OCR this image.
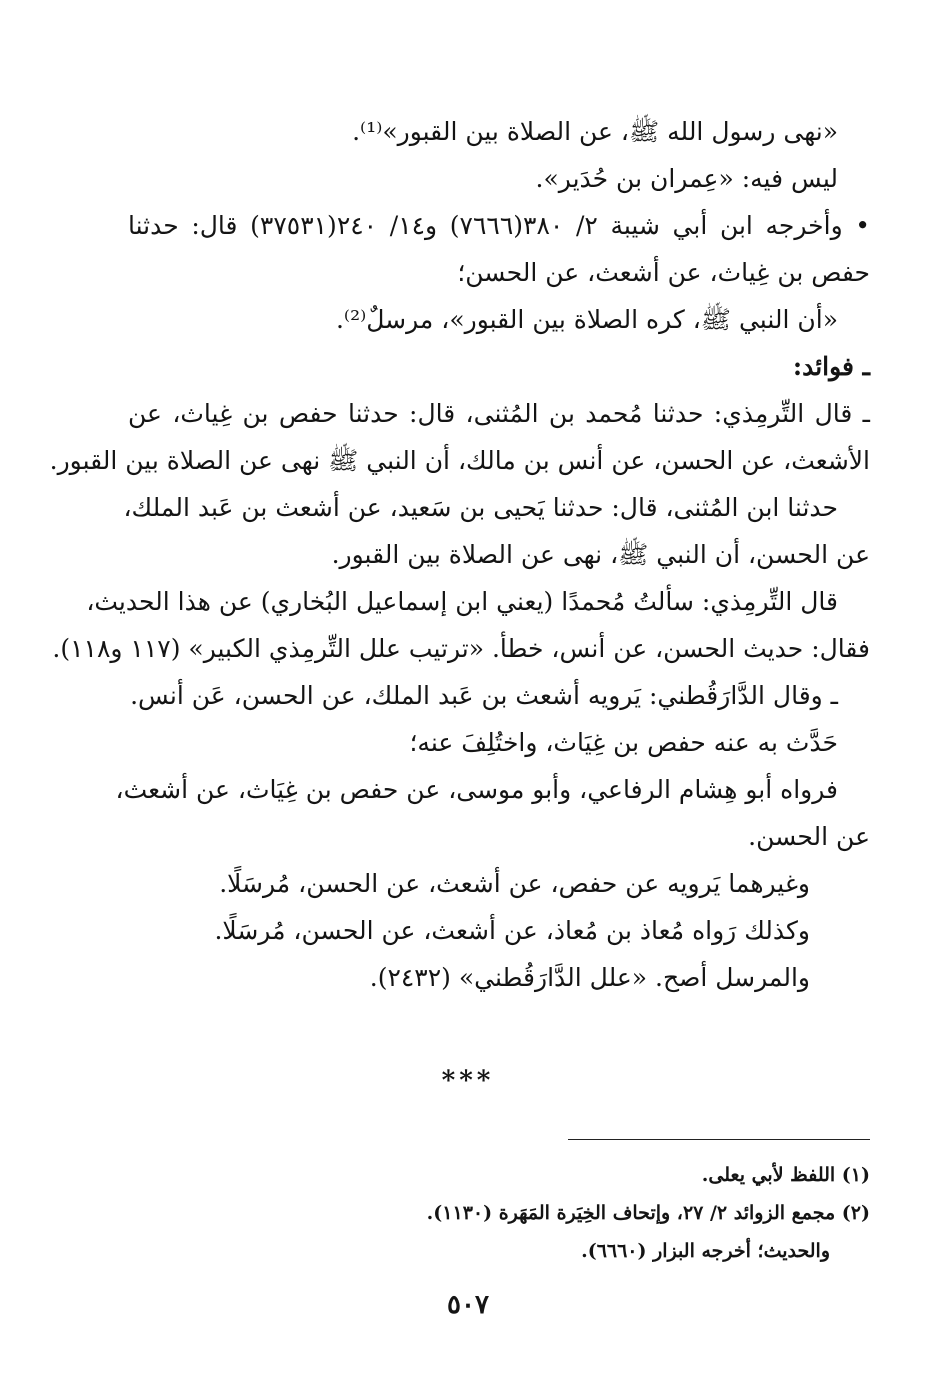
«نهى رسول الله ﷺ، عن الصلاة بين القبور»⁽¹⁾.
ليس فيه: «عِمران بن حُدَير».
• وأخرجه ابن أبي شيبة ٢/ ٣٨٠(٧٦٦٦) و١٤/ ٢٤٠(٣٧٥٣١) قال: حدثنا
حفص بن غِياث، عن أشعث، عن الحسن؛
«أن النبي ﷺ، كره الصلاة بين القبور»، مرسلٌ⁽²⁾.
ـ فوائد:
ـ قال التِّرمِذي: حدثنا مُحمد بن المُثنى، قال: حدثنا حفص بن غِياث، عن
الأشعث، عن الحسن، عن أنس بن مالك، أن النبي ﷺ نهى عن الصلاة بين القبور.
حدثنا ابن المُثنى، قال: حدثنا يَحيى بن سَعيد، عن أشعث بن عَبد الملك،
عن الحسن، أن النبي ﷺ، نهى عن الصلاة بين القبور.
قال التِّرمِذي: سألتُ مُحمدًا (يعني ابن إسماعيل البُخاري) عن هذا الحديث،
فقال: حديث الحسن، عن أنس، خطأ. «ترتيب علل التِّرمِذي الكبير» (١١٧ و١١٨).
ـ وقال الدَّارَقُطني: يَرويه أشعث بن عَبد الملك، عن الحسن، عَن أنس.
حَدَّث به عنه حفص بن غِيَاث، واختُلِفَ عنه؛
فرواه أبو هِشام الرفاعي، وأبو موسى، عن حفص بن غِيَاث، عن أشعث،
عن الحسن.
وغيرهما يَرويه عن حفص، عن أشعث، عن الحسن، مُرسَلًا.
وكذلك رَواه مُعاذ بن مُعاذ، عن أشعث، عن الحسن، مُرسَلًا.
والمرسل أصح. «علل الدَّارَقُطني» (٢٤٣٢).
***
(١) اللفظ لأبي يعلى.
(٢) مجمع الزوائد ٢/ ٢٧، وإتحاف الخِيَرة المَهَرة (١١٣٠).
والحديث؛ أخرجه البزار (٦٦٦٠).
٥٠٧
